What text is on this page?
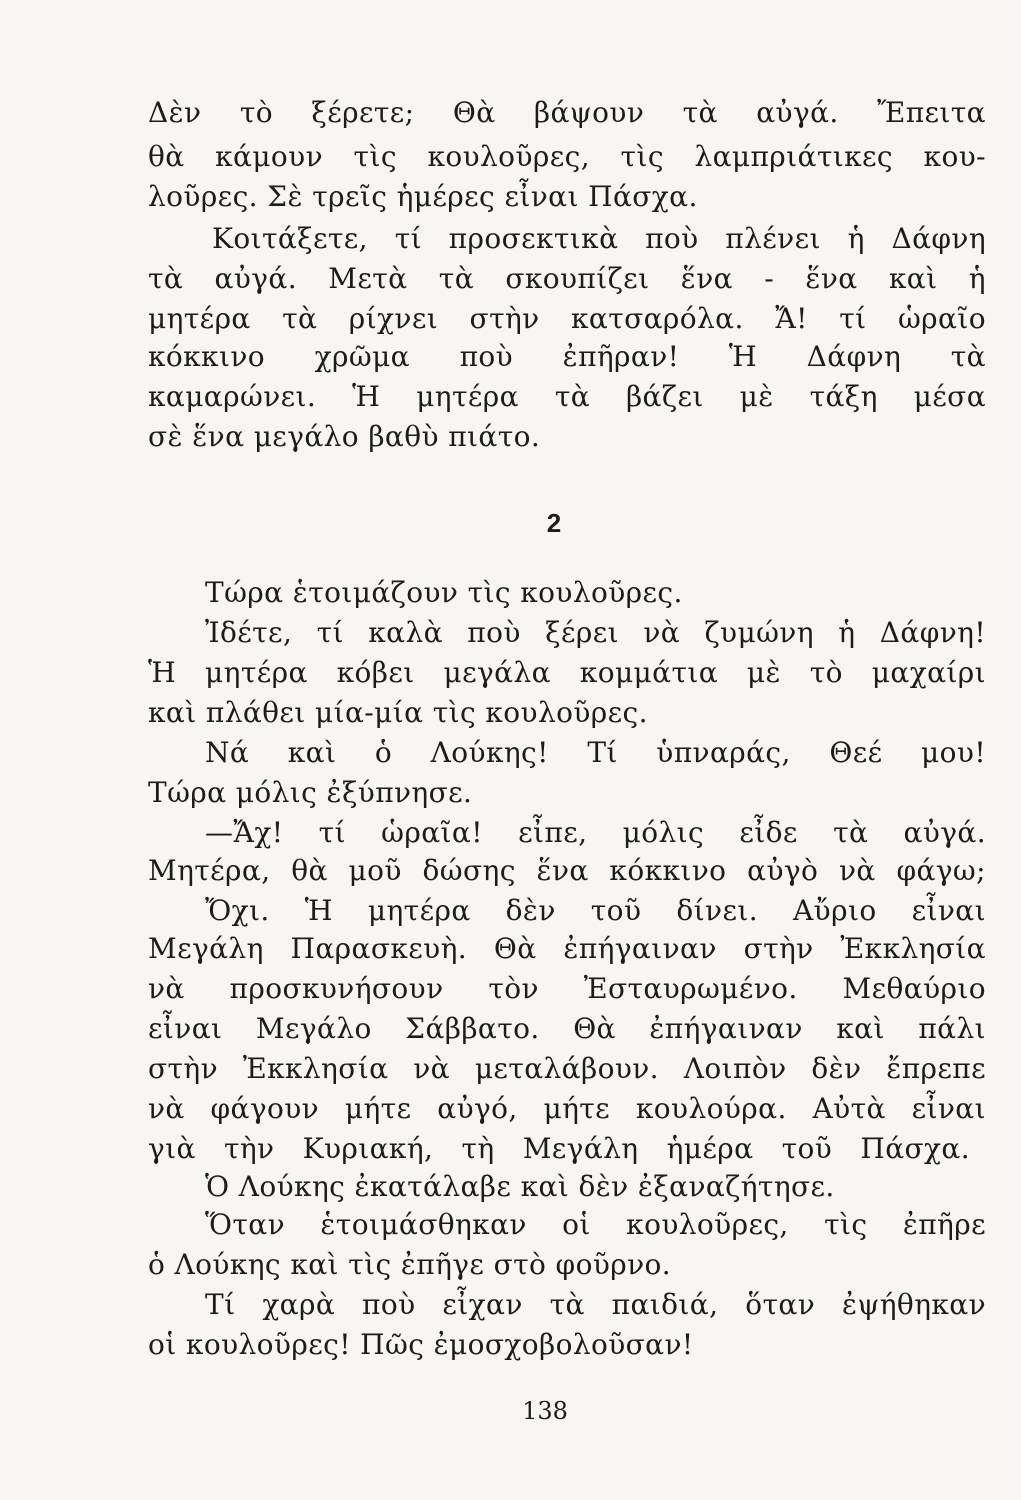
Δὲν τὸ ξέρετε; Θὰ βάψουν τὰ αὐγά. Ἔπειτα
θὰ κάμουν τὶς κουλοῦρες, τὶς λαμπριάτικες κου-
λοῦρες. Σὲ τρεῖς ἡμέρες εἶναι Πάσχα.
Κοιτάξετε, τί προσεκτικὰ ποὺ πλένει ἡ Δάφνη
τὰ αὐγά. Μετὰ τὰ σκουπίζει ἕνα - ἕνα καὶ ἡ
μητέρα τὰ ρίχνει στὴν κατσαρόλα. Ἄ! τί ὡραῖο
κόκκινο χρῶμα ποὺ ἐπῆραν! Ἡ Δάφνη τὰ
καμαρώνει. Ἡ μητέρα τὰ βάζει μὲ τάξη μέσα
σὲ ἕνα μεγάλο βαθὺ πιάτο.
2
Τώρα ἑτοιμάζουν τὶς κουλοῦρες.
Ἰδέτε, τί καλὰ ποὺ ξέρει νὰ ζυμώνη ἡ Δάφνη!
Ἡ μητέρα κόβει μεγάλα κομμάτια μὲ τὸ μαχαίρι
καὶ πλάθει μία-μία τὶς κουλοῦρες.
Νά καὶ ὁ Λούκης! Τί ὑπναράς, Θεέ μου!
Τώρα μόλις ἐξύπνησε.
—Ἄχ! τί ὡραῖα! εἶπε, μόλις εἶδε τὰ αὐγά.
Μητέρα, θὰ μοῦ δώσης ἕνα κόκκινο αὐγὸ νὰ φάγω;
Ὄχι. Ἡ μητέρα δὲν τοῦ δίνει. Αὔριο εἶναι
Μεγάλη Παρασκευὴ. Θὰ ἐπήγαιναν στὴν Ἐκκλησία
νὰ προσκυνήσουν τὸν Ἐσταυρωμένο. Μεθαύριο
εἶναι Μεγάλο Σάββατο. Θὰ ἐπήγαιναν καὶ πάλι
στὴν Ἐκκλησία νὰ μεταλάβουν. Λοιπὸν δὲν ἔπρεπε
νὰ φάγουν μήτε αὐγό, μήτε κουλούρα. Αὐτὰ εἶναι
γιὰ τὴν Κυριακή, τὴ Μεγάλη ἡμέρα τοῦ Πάσχα.
Ὁ Λούκης ἐκατάλαβε καὶ δὲν ἐξαναζήτησε.
Ὅταν ἑτοιμάσθηκαν οἱ κουλοῦρες, τὶς ἐπῆρε
ὁ Λούκης καὶ τὶς ἐπῆγε στὸ φοῦρνο.
Τί χαρὰ ποὺ εἶχαν τὰ παιδιά, ὅταν ἐψήθηκαν
οἱ κουλοῦρες! Πῶς ἐμοσχοβολοῦσαν!
138
